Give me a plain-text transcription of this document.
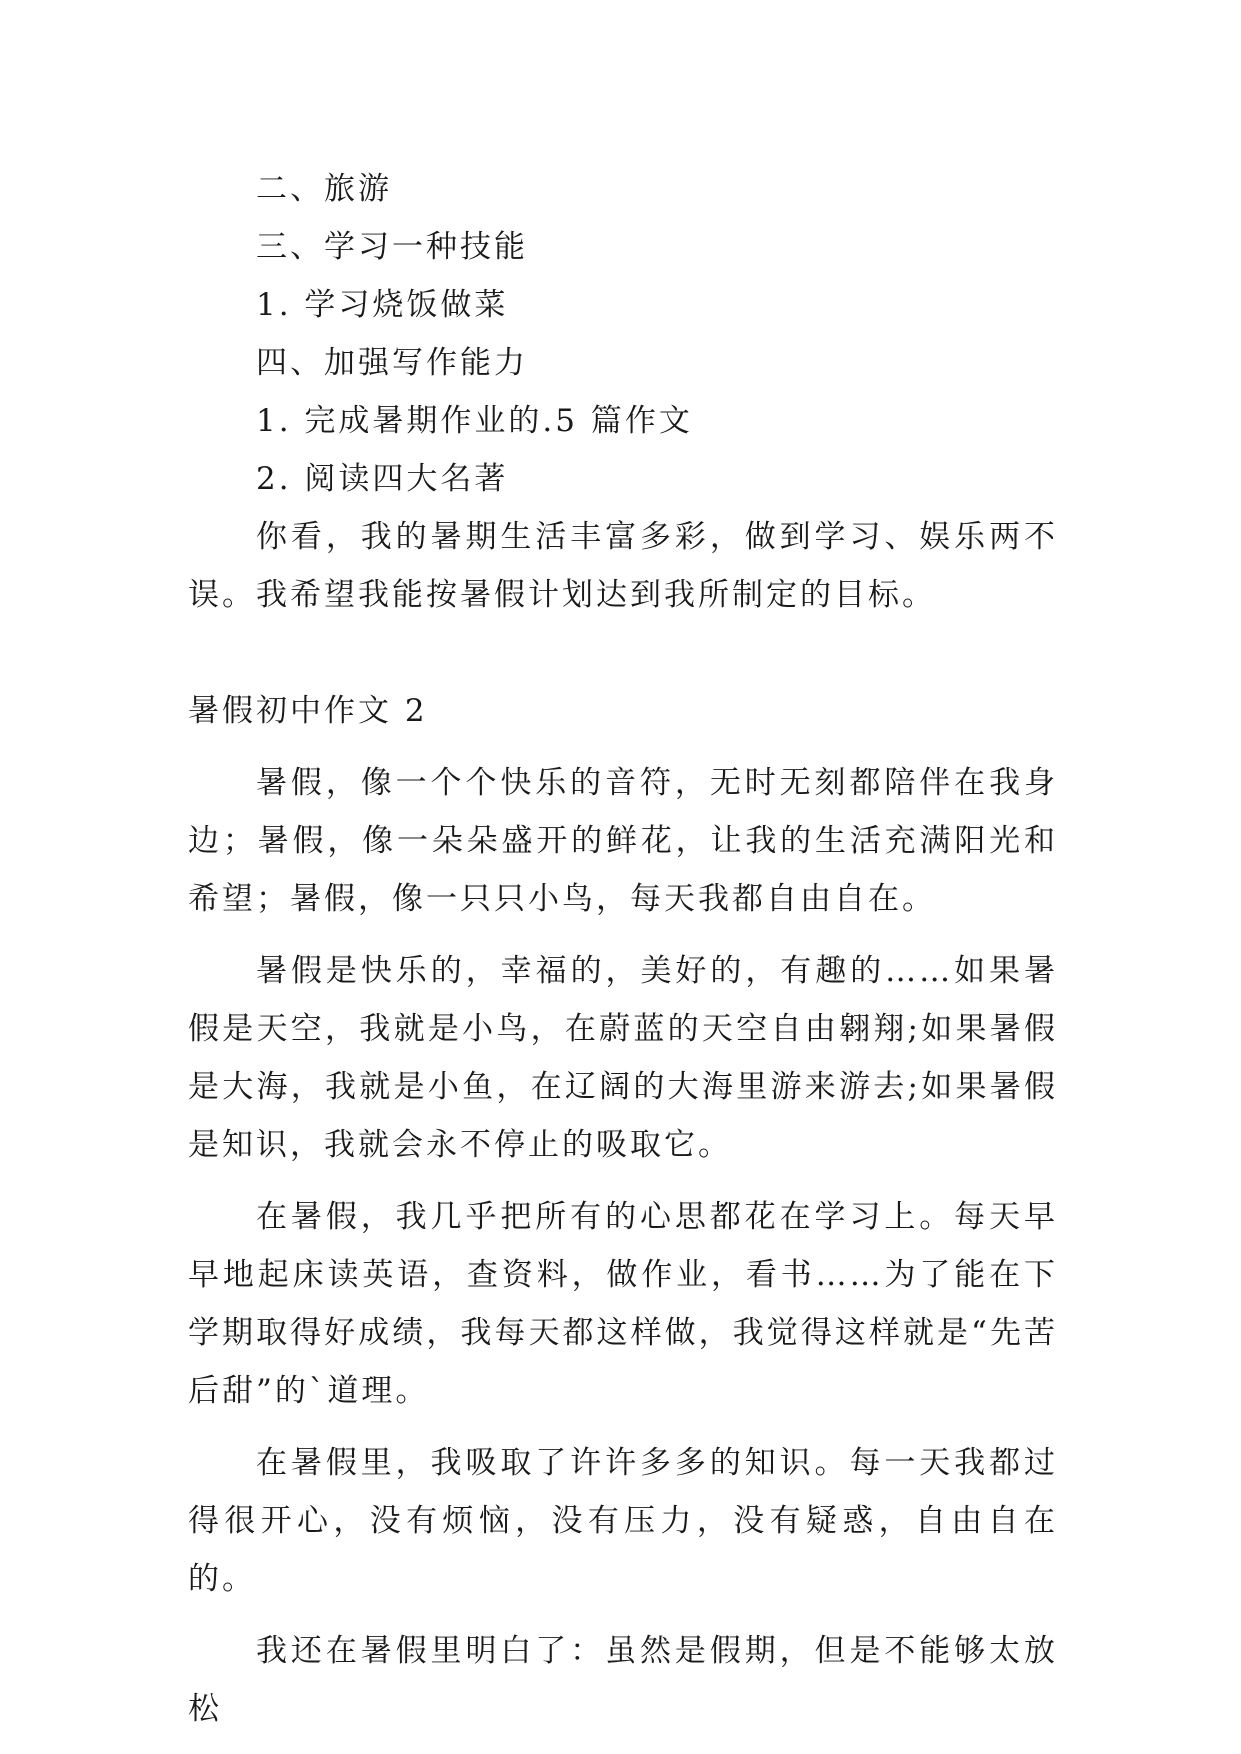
二、旅游

三、学习一种技能

1. 学习烧饭做菜

四、加强写作能力

1. 完成暑期作业的.5 篇作文

2. 阅读四大名著

你看，我的暑期生活丰富多彩，做到学习、娱乐两不误。我希望我能按暑假计划达到我所制定的目标。

暑假初中作文 2

暑假，像一个个快乐的音符，无时无刻都陪伴在我身边；暑假，像一朵朵盛开的鲜花，让我的生活充满阳光和希望；暑假，像一只只小鸟，每天我都自由自在。

暑假是快乐的，幸福的，美好的，有趣的……如果暑假是天空，我就是小鸟，在蔚蓝的天空自由翱翔;如果暑假是大海，我就是小鱼，在辽阔的大海里游来游去;如果暑假是知识，我就会永不停止的吸取它。

在暑假，我几乎把所有的心思都花在学习上。每天早早地起床读英语，查资料，做作业，看书……为了能在下学期取得好成绩，我每天都这样做，我觉得这样就是“先苦后甜”的`道理。

在暑假里，我吸取了许许多多的知识。每一天我都过得很开心，没有烦恼，没有压力，没有疑惑，自由自在的。

我还在暑假里明白了：虽然是假期，但是不能够太放松
